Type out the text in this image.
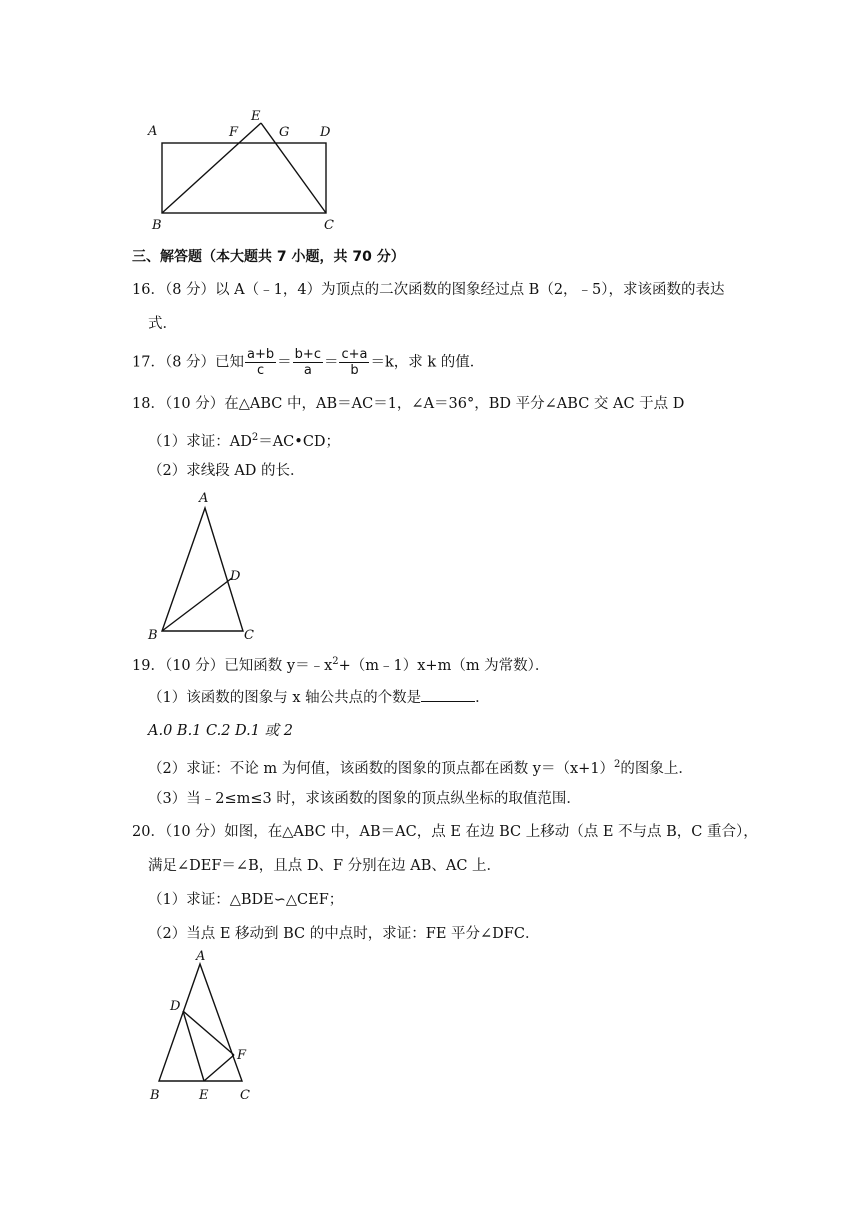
A	F
E
G D
B	C
三、解答题（本大题共 7 小题，共 70 分）
16．（8 分）以 A（﹣1，4）为顶点的二次函数的图象经过点 B（2，﹣5），求该函数的表达
式．
17．（8 分）已知 $\frac{a+b}{c} = \frac{b+c}{a} = \frac{c+a}{b} =k$，求 k 的值．
18．（10 分）在△ABC 中，AB＝AC＝1，∠A＝36°，BD 平分∠ABC 交 AC 于点 D
（1）求证：$AD^2=AC•CD$；
（2）求线段 AD 的长．
A
D
B	C
19．（10 分）已知函数 $y=﹣x^2+(m﹣1)x+m(m$ 为常数）．
（1）该函数的图象与 x 轴公共点的个数是	．
A.0 B.1 C.2 D.1 或 2
（2）求证：不论 m 为何值，该函数的图象的顶点都在函数 $y=(x+1)^2$的图象上．
（3）当﹣2≤m≤3 时，求该函数的图象的顶点纵坐标的取值范围．
20．（10 分）如图，在△ABC 中，AB＝AC，点 E 在边 BC 上移动（点 E 不与点 B，C 重合），
满足∠DEF＝∠B，且点 D、F 分别在边 AB、AC 上．
（1）求证：△BDE∽△CEF；
（2）当点 E 移动到 BC 的中点时，求证：FE 平分∠DFC．
A
D
F
B	E C
